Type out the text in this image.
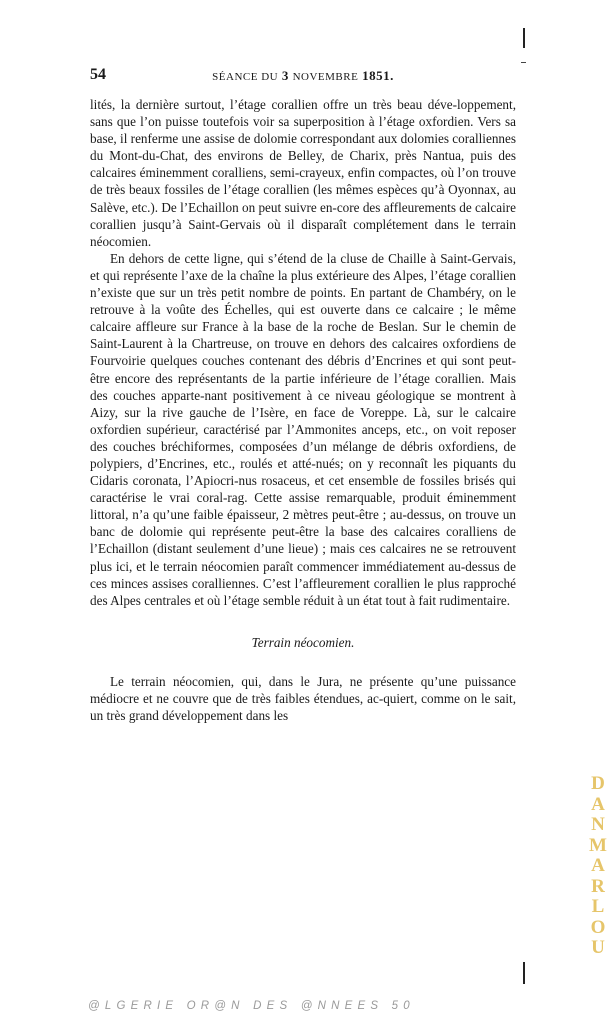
54	SÉANCE DU 3 NOVEMBRE 1851.

lités, la dernière surtout, l’étage corallien offre un très beau déve-loppement, sans que l’on puisse toutefois voir sa superposition à l’étage oxfordien. Vers sa base, il renferme une assise de dolomie correspondant aux dolomies coralliennes du Mont-du-Chat, des environs de Belley, de Charix, près Nantua, puis des calcaires éminemment coralliens, semi-crayeux, enfin compactes, où l’on trouve de très beaux fossiles de l’étage corallien (les mêmes espèces qu’à Oyonnax, au Salève, etc.). De l’Echaillon on peut suivre en-core des affleurements de calcaire corallien jusqu’à Saint-Gervais où il disparaît complétement dans le terrain néocomien.

En dehors de cette ligne, qui s’étend de la cluse de Chaille à Saint-Gervais, et qui représente l’axe de la chaîne la plus extérieure des Alpes, l’étage corallien n’existe que sur un très petit nombre de points. En partant de Chambéry, on le retrouve à la voûte des Échelles, qui est ouverte dans ce calcaire ; le même calcaire affleure sur France à la base de la roche de Beslan. Sur le chemin de Saint-Laurent à la Chartreuse, on trouve en dehors des calcaires oxfordiens de Fourvoirie quelques couches contenant des débris d’Encrines et qui sont peut-être encore des représentants de la partie inférieure de l’étage corallien. Mais des couches apparte-nant positivement à ce niveau géologique se montrent à Aizy, sur la rive gauche de l’Isère, en face de Voreppe. Là, sur le calcaire oxfordien supérieur, caractérisé par l’Ammonites anceps, etc., on voit reposer des couches bréchiformes, composées d’un mélange de débris oxfordiens, de polypiers, d’Encrines, etc., roulés et atté-nués; on y reconnaît les piquants du Cidaris coronata, l’Apiocri-nus rosaceus, et cet ensemble de fossiles brisés qui caractérise le vrai coral-rag. Cette assise remarquable, produit éminemment littoral, n’a qu’une faible épaisseur, 2 mètres peut-être ; au-dessus, on trouve un banc de dolomie qui représente peut-être la base des calcaires coralliens de l’Echaillon (distant seulement d’une lieue) ; mais ces calcaires ne se retrouvent plus ici, et le terrain néocomien paraît commencer immédiatement au-dessus de ces minces assises coralliennes. C’est l’affleurement corallien le plus rapproché des Alpes centrales et où l’étage semble réduit à un état tout à fait rudimentaire.

Terrain néocomien.

Le terrain néocomien, qui, dans le Jura, ne présente qu’une puissance médiocre et ne couvre que de très faibles étendues, ac-quiert, comme on le sait, un très grand développement dans les

DANMARLOU
@LGERIE OR@N DES @NNEES 50
